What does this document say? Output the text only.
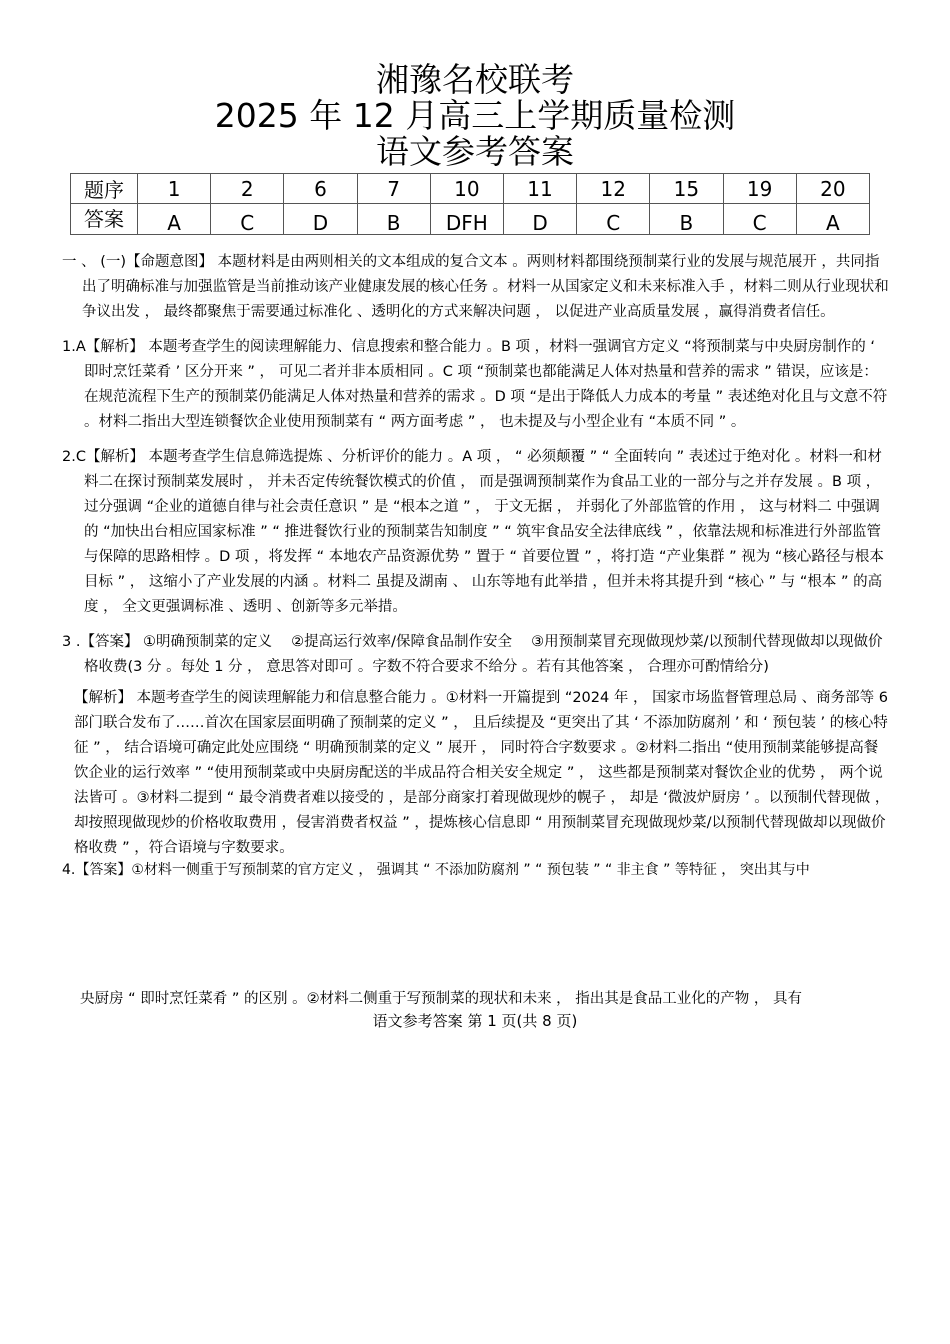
湘豫名校联考
2025 年 12 月高三上学期质量检测
语文参考答案
题序	1	2	6	7	10	11	12	15	19	20
答案	A	C	D	B	DFH	D	C	B	C	A

一 、 (一)【命题意图】 本题材料是由两则相关的文本组成的复合文本 。两则材料都围绕预制菜行业的发展与规范展开 ，共同指出了明确标准与加强监管是当前推动该产业健康发展的核心任务 。材料一从国家定义和未来标准入手 ，材料二则从行业现状和争议出发 ， 最终都聚焦于需要通过标准化 、透明化的方式来解决问题 ， 以促进产业高质量发展 ，赢得消费者信任。

1.A【解析】 本题考查学生的阅读理解能力、信息搜索和整合能力 。B 项 ，材料一强调官方定义 “将预制菜与中央厨房制作的 ‘ 即时烹饪菜肴 ’ 区分开来 ” ， 可见二者并非本质相同 。C 项 “预制菜也都能满足人体对热量和营养的需求 ” 错误，应该是：在规范流程下生产的预制菜仍能满足人体对热量和营养的需求 。D 项 “是出于降低人力成本的考量 ” 表述绝对化且与文意不符 。材料二指出大型连锁餐饮企业使用预制菜有 “ 两方面考虑 ” ， 也未提及与小型企业有 “本质不同 ” 。

2.C【解析】 本题考查学生信息筛选提炼 、分析评价的能力 。A 项 ， “ 必须颠覆 ” “ 全面转向 ” 表述过于绝对化 。材料一和材料二在探讨预制菜发展时 ， 并未否定传统餐饮模式的价值 ， 而是强调预制菜作为食品工业的一部分与之并存发展 。B 项 ， 过分强调 “企业的道德自律与社会责任意识 ” 是 “根本之道 ” ， 于文无据 ， 并弱化了外部监管的作用 ， 这与材料二 中强调的 “加快出台相应国家标准 ” “ 推进餐饮行业的预制菜告知制度 ” “ 筑牢食品安全法律底线 ” ，依靠法规和标准进行外部监管与保障的思路相悖 。D 项 ，将发挥 “ 本地农产品资源优势 ” 置于 “ 首要位置 ” ，将打造 “产业集群 ” 视为 “核心路径与根本目标 ” ， 这缩小了产业发展的内涵 。材料二 虽提及湖南 、 山东等地有此举措 ，但并未将其提升到 “核心 ” 与 “根本 ” 的高度 ， 全文更强调标准 、透明 、创新等多元举措。

3 .【答案】 ①明确预制菜的定义 　②提高运行效率/保障食品制作安全 　③用预制菜冒充现做现炒菜/以预制代替现做却以现做价格收费(3 分 。每处 1 分 ， 意思答对即可 。字数不符合要求不给分 。若有其他答案 ， 合理亦可酌情给分)

【解析】 本题考查学生的阅读理解能力和信息整合能力 。①材料一开篇提到 “2024 年 ， 国家市场监督管理总局 、商务部等 6 部门联合发布了……首次在国家层面明确了预制菜的定义 ” ， 且后续提及 “更突出了其 ‘ 不添加防腐剂 ’ 和 ‘ 预包装 ’ 的核心特征 ” ， 结合语境可确定此处应围绕 “ 明确预制菜的定义 ” 展开 ， 同时符合字数要求 。②材料二指出 “使用预制菜能够提高餐饮企业的运行效率 ” “使用预制菜或中央厨房配送的半成品符合相关安全规定 ” ， 这些都是预制菜对餐饮企业的优势 ， 两个说法皆可 。③材料二提到 “ 最令消费者难以接受的 ，是部分商家打着现做现炒的幌子 ， 却是 ‘微波炉厨房 ’ 。以预制代替现做 ， 却按照现做现炒的价格收取费用 ，侵害消费者权益 ” ，提炼核心信息即 “ 用预制菜冒充现做现炒菜/以预制代替现做却以现做价格收费 ” ，符合语境与字数要求。

4.【答案】①材料一侧重于写预制菜的官方定义 ， 强调其 “ 不添加防腐剂 ” “ 预包装 ” “ 非主食 ” 等特征 ， 突出其与中

央厨房 “ 即时烹饪菜肴 ” 的区别 。②材料二侧重于写预制菜的现状和未来 ， 指出其是食品工业化的产物 ， 具有
语文参考答案 第 1 页(共 8 页)
